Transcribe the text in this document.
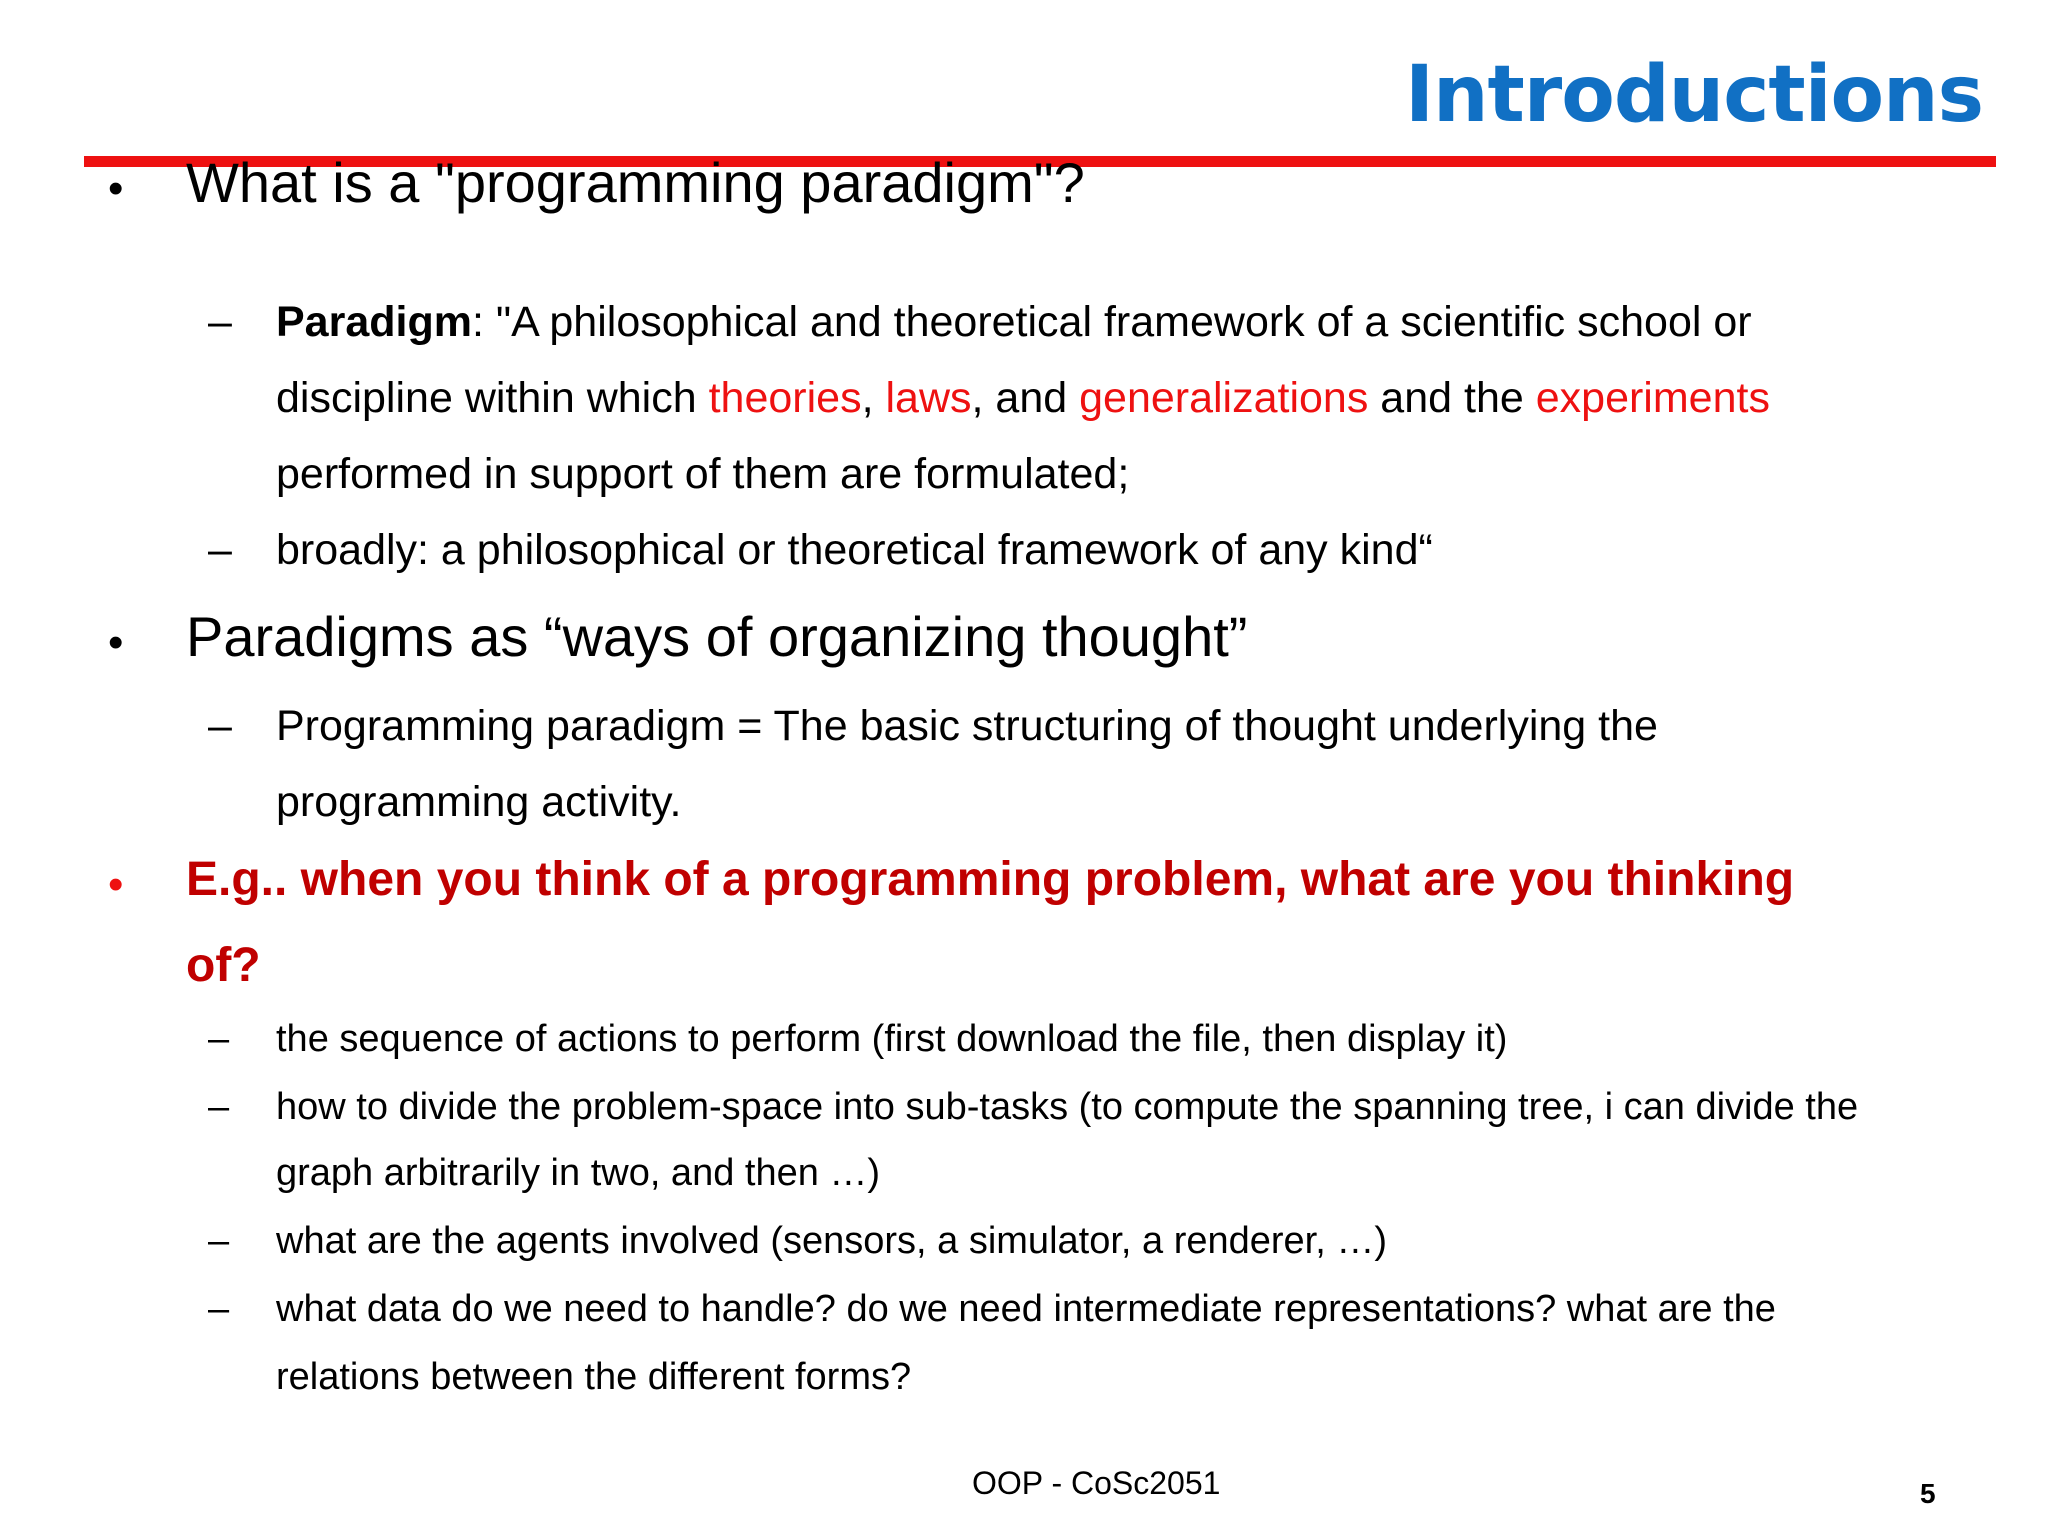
Introductions
• What is a "programming paradigm"?
– Paradigm: "A philosophical and theoretical framework of a scientific school or
discipline within which theories, laws, and generalizations and the experiments
performed in support of them are formulated;
– broadly: a philosophical or theoretical framework of any kind“
• Paradigms as “ways of organizing thought”
– Programming paradigm = The basic structuring of thought underlying the
programming activity.
• E.g.. when you think of a programming problem, what are you thinking
of?
– the sequence of actions to perform (first download the file, then display it)
– how to divide the problem-space into sub-tasks (to compute the spanning tree, i can divide the
graph arbitrarily in two, and then …)
– what are the agents involved (sensors, a simulator, a renderer, …)
– what data do we need to handle? do we need intermediate representations? what are the
relations between the different forms?
OOP - CoSc2051	5
